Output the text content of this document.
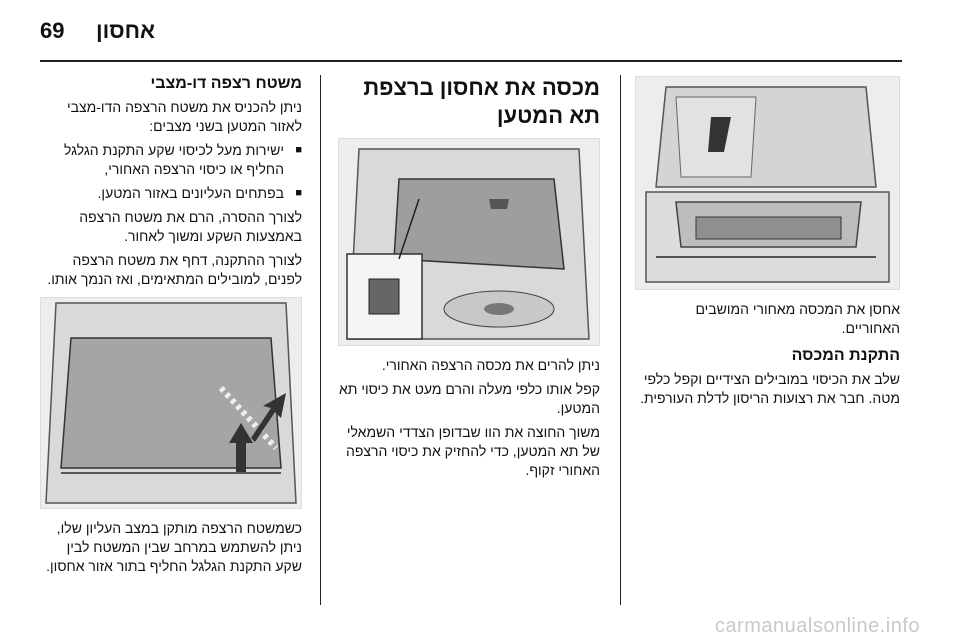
69 אחסון

אחסן את המכסה מאחורי המושבים האחוריים.

התקנת המכסה

שלב את הכיסוי במובילים הצידיים וקפל כלפי מטה. חבר את רצועות הריסון לדלת העורפית.

מכסה את אחסון ברצפת תא המטען

ניתן להרים את מכסה הרצפה האחורי.

קפל אותו כלפי מעלה והרם מעט את כיסוי תא המטען.

משוך החוצה את הוו שבדופן הצדדי השמאלי של תא המטען, כדי להחזיק את כיסוי הרצפה האחורי זקוף.

משטח רצפה דו-מצבי

ניתן להכניס את משטח הרצפה הדו-מצבי לאזור המטען בשני מצבים:

■ ישירות מעל לכיסוי שקע התקנת הגלגל החליף או כיסוי הרצפה האחורי,
■ בפתחים העליונים באזור המטען.

לצורך ההסרה, הרם את משטח הרצפה באמצעות השקע ומשוך לאחור.

לצורך ההתקנה, דחף את משטח הרצפה לפנים, למובילים המתאימים, ואז הנמך אותו.

כשמשטח הרצפה מותקן במצב העליון שלו, ניתן להשתמש במרחב שבין המשטח לבין שקע התקנת הגלגל החליף בתור אזור אחסון.

carmanualsonline.info
